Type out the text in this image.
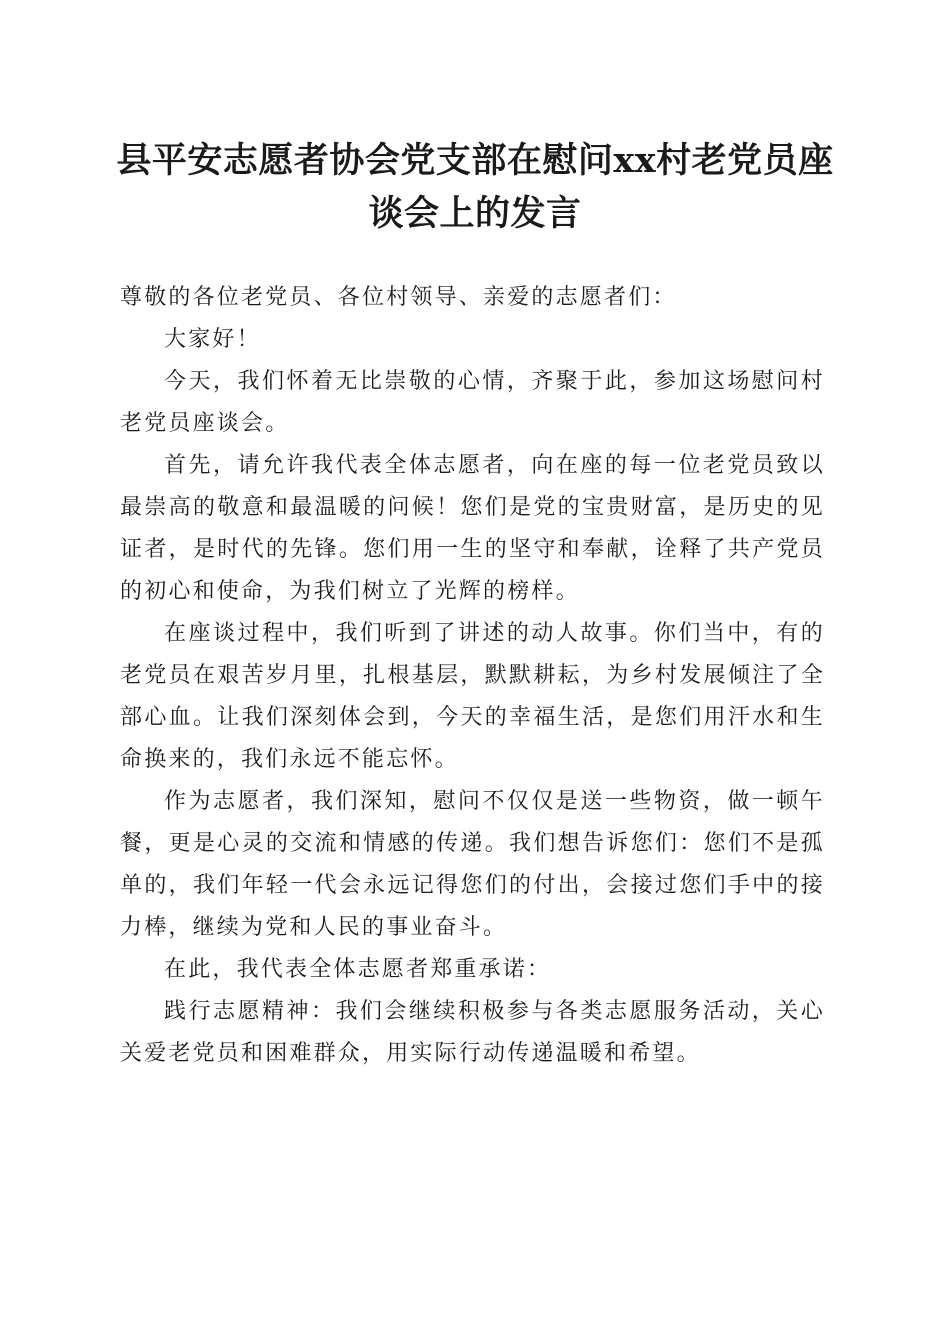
县平安志愿者协会党支部在慰问xx村老党员座谈会上的发言

尊敬的各位老党员、各位村领导、亲爱的志愿者们：

大家好！

今天，我们怀着无比崇敬的心情，齐聚于此，参加这场慰问村老党员座谈会。

首先，请允许我代表全体志愿者，向在座的每一位老党员致以最崇高的敬意和最温暖的问候！您们是党的宝贵财富，是历史的见证者，是时代的先锋。您们用一生的坚守和奉献，诠释了共产党员的初心和使命，为我们树立了光辉的榜样。

在座谈过程中，我们听到了讲述的动人故事。你们当中，有的老党员在艰苦岁月里，扎根基层，默默耕耘，为乡村发展倾注了全部心血。让我们深刻体会到，今天的幸福生活，是您们用汗水和生命换来的，我们永远不能忘怀。

作为志愿者，我们深知，慰问不仅仅是送一些物资，做一顿午餐，更是心灵的交流和情感的传递。我们想告诉您们：您们不是孤单的，我们年轻一代会永远记得您们的付出，会接过您们手中的接力棒，继续为党和人民的事业奋斗。

在此，我代表全体志愿者郑重承诺：

践行志愿精神：我们会继续积极参与各类志愿服务活动，关心关爱老党员和困难群众，用实际行动传递温暖和希望。
